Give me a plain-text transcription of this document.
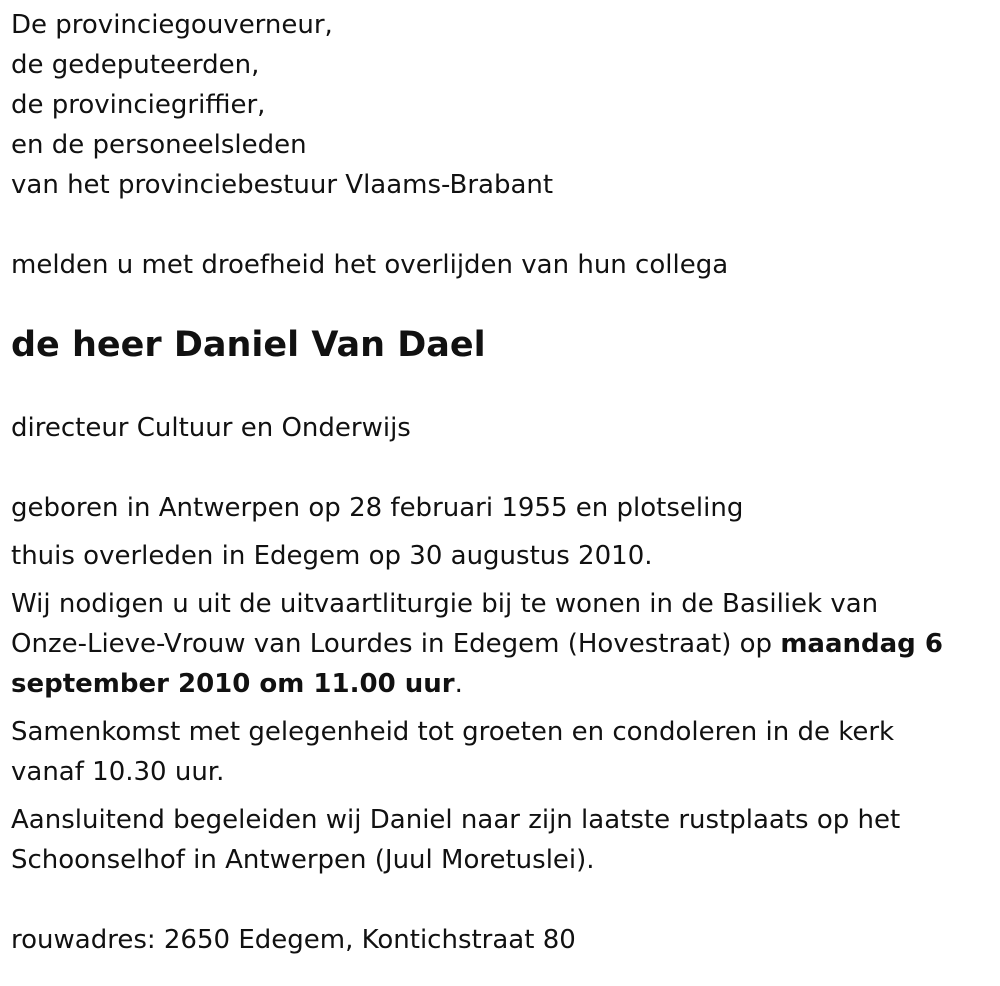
De provinciegouverneur,
de gedeputeerden,
de provinciegriffier,
en de personeelsleden
van het provinciebestuur Vlaams-Brabant
melden u met droefheid het overlijden van hun collega
de heer Daniel Van Dael
directeur Cultuur en Onderwijs
geboren in Antwerpen op 28 februari 1955 en plotseling
thuis overleden in Edegem op 30 augustus 2010.
Wij nodigen u uit de uitvaartliturgie bij te wonen in de Basiliek van
Onze-Lieve-Vrouw van Lourdes in Edegem (Hovestraat) op maandag 6
september 2010 om 11.00 uur.
Samenkomst met gelegenheid tot groeten en condoleren in de kerk
vanaf 10.30 uur.
Aansluitend begeleiden wij Daniel naar zijn laatste rustplaats op het
Schoonselhof in Antwerpen (Juul Moretuslei).
rouwadres: 2650 Edegem, Kontichstraat 80
